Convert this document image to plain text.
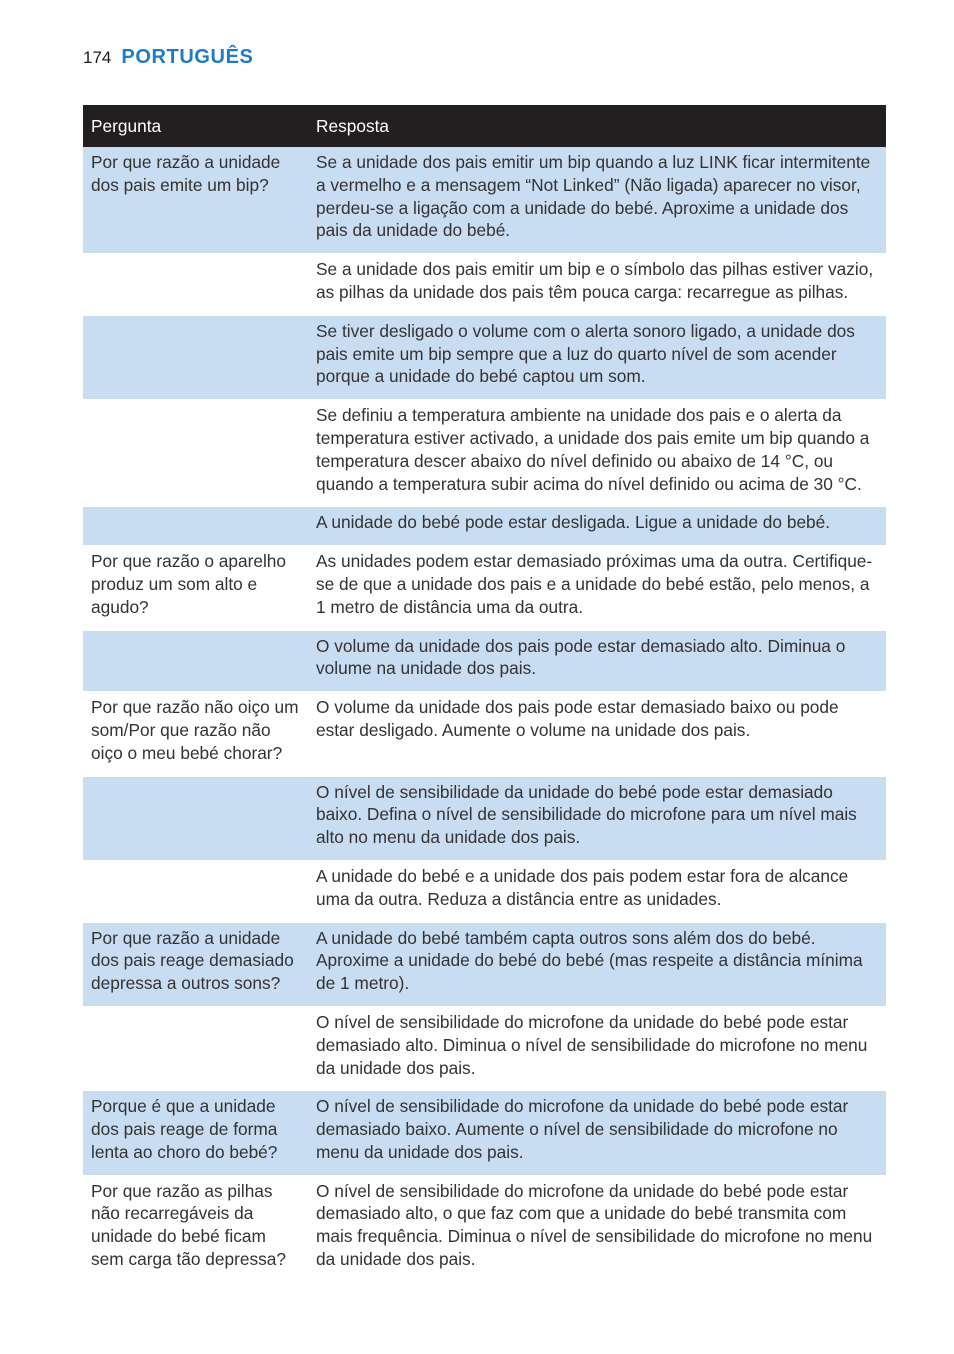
174 PORTUGUÊS
Pergunta	Resposta
Por que razão a unidade dos pais emite um bip?	Se a unidade dos pais emitir um bip quando a luz LINK ficar intermitente a vermelho e a mensagem “Not Linked” (Não ligada) aparecer no visor, perdeu-se a ligação com a unidade do bebé. Aproxime a unidade dos pais da unidade do bebé.
	Se a unidade dos pais emitir um bip e o símbolo das pilhas estiver vazio, as pilhas da unidade dos pais têm pouca carga: recarregue as pilhas.
	Se tiver desligado o volume com o alerta sonoro ligado, a unidade dos pais emite um bip sempre que a luz do quarto nível de som acender porque a unidade do bebé captou um som.
	Se definiu a temperatura ambiente na unidade dos pais e o alerta da temperatura estiver activado, a unidade dos pais emite um bip quando a temperatura descer abaixo do nível definido ou abaixo de 14 °C, ou quando a temperatura subir acima do nível definido ou acima de 30 °C.
	A unidade do bebé pode estar desligada. Ligue a unidade do bebé.
Por que razão o aparelho produz um som alto e agudo?	As unidades podem estar demasiado próximas uma da outra. Certifique-se de que a unidade dos pais e a unidade do bebé estão, pelo menos, a 1 metro de distância uma da outra.
	O volume da unidade dos pais pode estar demasiado alto. Diminua o volume na unidade dos pais.
Por que razão não oiço um som/Por que razão não oiço o meu bebé chorar?	O volume da unidade dos pais pode estar demasiado baixo ou pode estar desligado. Aumente o volume na unidade dos pais.
	O nível de sensibilidade da unidade do bebé pode estar demasiado baixo. Defina o nível de sensibilidade do microfone para um nível mais alto no menu da unidade dos pais.
	A unidade do bebé e a unidade dos pais podem estar fora de alcance uma da outra. Reduza a distância entre as unidades.
Por que razão a unidade dos pais reage demasiado depressa a outros sons?	A unidade do bebé também capta outros sons além dos do bebé. Aproxime a unidade do bebé do bebé (mas respeite a distância mínima de 1 metro).
	O nível de sensibilidade do microfone da unidade do bebé pode estar demasiado alto. Diminua o nível de sensibilidade do microfone no menu da unidade dos pais.
Porque é que a unidade dos pais reage de forma lenta ao choro do bebé?	O nível de sensibilidade do microfone da unidade do bebé pode estar demasiado baixo. Aumente o nível de sensibilidade do microfone no menu da unidade dos pais.
Por que razão as pilhas não recarregáveis da unidade do bebé ficam sem carga tão depressa?	O nível de sensibilidade do microfone da unidade do bebé pode estar demasiado alto, o que faz com que a unidade do bebé transmita com mais frequência. Diminua o nível de sensibilidade do microfone no menu da unidade dos pais.
